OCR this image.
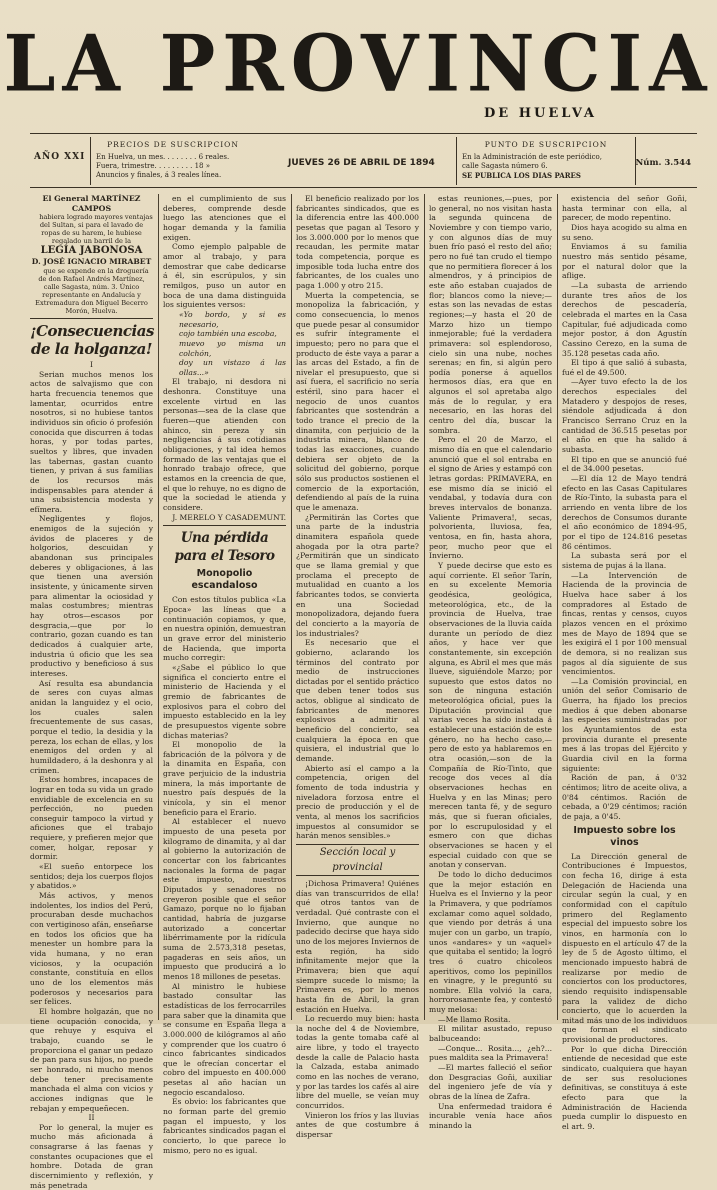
LA PROVINCIA
DE HUELVA
AÑO XXI
PRECIOS DE SUSCRIPCION
En Huelva, un mes. . . . . . . . 6 reales.
Fuera, trimestre. . . . . . . . . 18 »
Anuncios y finales, á 3 reales línea.
JUEVES 26 DE ABRIL DE 1894
PUNTO DE SUSCRIPCION
En la Administración de este periódico,
calle Sagasta número 6.
SE PUBLICA LOS DIAS PARES
Núm. 3.544

El General MARTÍNEZ CAMPOS

habiera logrado mayores ventajas del Sultan, si para el lavado de ropas de su harem, le hubiese regalado un barril de la

LEGÍA JABONOSA

D. JOSÉ IGNACIO MIRABET

que se expende en la droguería de don Rafael Andrés Martínez, calle Sagasta, núm. 3. Único representante en Andalucía y Extremadura don Miguel Becerro Morón, Huelva.

¡Consecuencias de la holganza!

I

Serian muchos menos los actos de salvajismo que con harta frecuencia tenemos que lamentar, ocurridos entre nosotros, si no hubiese tantos individuos sin oficio ó profesión conocida que discurren á todas horas, y por todas partes, sueltos y libres, que invaden las tabernas, gastan cuanto tienen, y privan á sus familias de los recursos más indispensables para atender á una subsistencia modesta y efímera.

Negligentes y flojos, enemigos de la sujeción y ávidos de placeres y de holgorios, descuidan y abandonan sus principales deberes y obligaciones, á las que tienen una aversión insistente, y únicamente sirven para alimentar la ociosidad y malas costumbres; mientras hay otros—escasos por desgracia,—que por lo contrario, gozan cuando es tan dedicados á cualquier arte, industria ú oficio que les sea productivo y beneficioso á sus intereses.

Así resulta esa abundancia de seres con cuyas almas anidan la languidez y el ocio, los cuales salen frecuentemente de sus casas, porque el tedio, la desidia y la pereza, los echan de ellas, y los enemigos del orden y al humildadero, á la deshonra y al crimen.

Estos hombres, incapaces de lograr en toda su vida un grado envidiable de excelencia en su perfección, no pueden conseguir tampoco la virtud y aficiones que el trabajo requiere, y prefieren mejor que comer, holgar, reposar y dormir.

«El sueño entorpece los sentidos; deja los cuerpos flojos y abatidos.»

Más activos, y menos indolentes, los indios del Perú, procuraban desde muchachos con vertiginoso afán, enseñarse en todos los oficios que ha menester un hombre para la vida humana, y no eran viciosos, y la ocupación constante, constituía en ellos uno de los elementos más poderosos y necesarios para ser felices.

El hombre holgazán, que no tiene ocupación conocida, y que rehuye y esquiva el trabajo, cuando se le proporciona el ganar un pedazo de pan para sus hijos, no puede ser honrado, ni mucho menos debe tener precisamente manchada el alma con vicios y acciones indignas que le rebajan y empequeñecen.

II

Por lo general, la mujer es mucho más aficionada á consagrarse á las faenas y constantes ocupaciones que el hombre. Dotada de gran discernimiento y reflexión, y más penetrada

en el cumplimiento de sus deberes, comprende desde luego las atenciones que el hogar demanda y la familia exigen.

Como ejemplo palpable de amor al trabajo, y para demostrar que cabe dedicarse á él, sin escrúpulos, y sin remilgos, puso un autor en boca de una dama distinguida los siguientes versos:

«Yo bordo, y si es necesario,

cojo también una escoba,

muevo yo misma un colchón,

doy un vistazo á las ollas...»

El trabajo, ni desdora ni deshonra. Constituye una excelente virtud en las personas—sea de la clase que fueren—que atienden con ahinco, sin pereza y sin negligencias á sus cotidianas obligaciones, y tal idea hemos formado de las ventajas que el honrado trabajo ofrece, que estamos en la creencia de que, el que lo rehuye, no es digno de que la sociedad le atienda y considere.

J. MERELO Y CASADEMUNT.

Una pérdida para el Tesoro
Monopolio escandaloso

Con estos títulos publica «La Epoca» las líneas que a continuación copiamos, y que, en nuestra opinión, demuestran un grave error del ministerio de Hacienda, que importa mucho corregir:

«¿Sabe el público lo que significa el concierto entre el ministerio de Hacienda y el gremio de fabricantes de explosivos para el cobro del impuesto establecido en la ley de presupuestos vigente sobre dichas materias?

El monopolio de la fabricación de la pólvora y de la dinamita en España, con grave perjuicio de la industria minera, la más importante de nuestro país después de la vinícola, y sin el menor beneficio para el Erario.

Al establecer el nuevo impuesto de una peseta por kilogramo de dinamita, y al dar al gobierno la autorización de concertar con los fabricantes nacionales la forma de pagar este impuesto, nuestros Diputados y senadores no creyeron posible que el señor Gamazo, porque no lo fijaban cantidad, habría de juzgarse autorizado a concertar libérrimamente por la ridícula suma de 2.573,318 pesetas, pagaderas en seis años, un impuesto que producirá a lo menos 18 millones de pesetas.

Al ministro le hubiese bastado consultar las estadísticas de los ferrocarriles para saber que la dinamita que se consume en España llega a 3.000.000 de kilógramos al año y comprender que los cuatro ó cinco fabricantes sindicados que le ofrecían concertar el cobro del impuesto en 400.000 pesetas al año hacían un negocio escandaloso.

Es obvio: los fabricantes que no forman parte del gremio pagan el impuesto, y los fabricantes sindicados pagan el concierto, lo que parece lo mismo, pero no es igual.

El beneficio realizado por los fabricantes sindicados, que es la diferencia entre las 400.000 pesetas que pagan al Tesoro y los 3.000.000 por lo menos que recaudan, les permite matar toda competencia, porque es imposible toda lucha entre dos fabricantes, de los cuales uno paga 1.000 y otro 215.

Muerta la competencia, se monopoliza la fabricación, y como consecuencia, lo menos que puede pesar al consumidor es sufrir íntegramente el impuesto; pero no para que el producto de éste vaya a parar a las arcas del Estado, a fin de nivelar el presupuesto, que si así fuera, el sacrificio no sería estéril, sino para hacer el negocio de unos cuantos fabricantes que sostendrán a todo trance el precio de la dinamita, con perjuicio de la industria minera, blanco de todas las exacciones, cuando debiera ser objeto de la solicitud del gobierno, porque sólo sus productos sostienen el comercio de la exportación, defendiendo al país de la ruina que le amenaza.

¿Permitirán las Cortes que una parte de la industria dinamitera española quede ahogada por la otra parte? ¿Permitirán que un sindicato que se llama gremial y que proclama el precepto de mutualidad en cuanto a los fabricantes todos, se convierta en una Sociedad monopolizadora, dejando fuera del concierto a la mayoría de los industriales?

Es necesario que el gobierno, aclarando los términos del contrato por medio de instrucciones dictadas por el sentido práctico que deben tener todos sus actos, obligue al sindicato de fabricantes de menores explosivos a admitir al beneficio del concierto, sea cualquiera la época en que quisiera, el industrial que lo demande.

Abierto así el campo a la competencia, origen del fomento de toda industria y niveladora forzosa entre el precio de producción y el de venta, al menos los sacrificios impuestos al consumidor se harán menos sensibles.»

Sección local y provincial

¡Dichosa Primavera! Quiénes días van transcurridos de ella! qué otros tantos van de verdadal. Qué contraste con el Invierno, que aunque no padecido decirse que haya sido uno de los mejores Inviernos de esta región, ha sido infinitamente mejor que la Primavera; bien que aquí siempre sucede lo mismo; la Primavera es, por lo menos hasta fin de Abril, la gran estación en Huelva.

Lo recuerdo muy bien: hasta la noche del 4 de Noviembre, todas la gente tomaba café al aire libre, y todo el trayecto desde la calle de Palacio hasta la Calzada, estaba animado como en las noches de verano, y por las tardes los cafés al aire libre del muelle, se veían muy concurridos.

Vinieron los fríos y las lluvias antes de que costumbre á dispersar

estas reuniones,—pues, por lo general, no nos visitan hasta la segunda quincena de Noviembre y con tiempo vario, y con algunos días de muy buen frío pasó el resto del año; pero no fué tan crudo el tiempo que no permitiera florecer á los almendros, y á principios de este año estaban cuajados de flor; blancos como la nieve;—estas son las nevadas de estas regiones;—y hasta el 20 de Marzo hizo un tiempo inmejorable; fué la verdadera primavera: sol esplendoroso, cielo sin una nube, noches serenas; en fin, si algún pero podía ponerse á aquellos hermosos días, era que en algunos el sol apretaba algo más de lo regular, y era necesario, en las horas del centro del día, buscar la sombra.

Pero el 20 de Marzo, el mismo día en que el calendario anunció que el sol entraba en el signo de Aries y estampó con letras gordas: PRIMAVERA, en ese mismo día se inició el vendabal, y todavía dura con breves intervalos de bonanza. Valiente Primavera!, secas, polvorienta, lluviosa, fea, ventosa, en fin, hasta ahora, peor, mucho peor que el Invierno.

Y puede decirse que esto es aquí corriente. El señor Tarín, en su excelente Memoria geodésica, geológica, meteorológica, etc., de la provincia de Huelva, trae observaciones de la lluvia caída durante un período de diez años, y hace ver que constantemente, sin excepción alguna, es Abril el mes que más llueve, siguiéndole Marzo; por supuesto que estos datos no son de ninguna estación meteorológica oficial, pues la Diputación provincial que varias veces ha sido instada á establecer una estación de este género, no ha hecho caso,—pero de esto ya hablaremos en otra ocasión,—son de la Compañía de Río-Tinto, que recoge dos veces al día observaciones hechas en Huelva y en las Minas; pero merecen tanta fé, y de seguro más, que si fueran oficiales, por lo escrupulosidad y el esmero con que dichas observaciones se hacen y el especial cuidado con que se anotan y conservan.

De todo lo dicho deducimos que la mejor estación en Huelva es el Invierno y la peor la Primavera, y que podríamos exclamar como aquel soldado, que viendo por detrás á una mujer con un garbo, un trapío, unos «andares» y un «aquel» que quitaba el sentido; la logró tres ó cuatro chicoleos aperitivos, como los pepinillos en vinagre, y le preguntó su nombre. Ella volvió la cara, horrorosamente fea, y contestó muy melosa:

—Me llamo Rosita.

El militar asustado, repuso balbuceando:

—Conque... Rosita..., ¿eh?... pues maldita sea la Primavera!

—El martes falleció el señor don Desgracias Goñi, auxiliar del ingeniero jefe de vía y obras de la línea de Zafra.

Una enfermedad traidora é incurable venía hace años minando la

existencia del señor Goñi, hasta terminar con ella, al parecer, de modo repentino.

Dios haya acogido su alma en su seno.

Enviamos á su familia nuestro más sentido pésame, por el natural dolor que la aflige.

—La subasta de arriendo durante tres años de los derechos de pescadería, celebrada el martes en la Casa Capitular, fué adjudicada como mejor postor, á don Agustín Cassino Cerezo, en la suma de 35.128 pesetas cada año.

El tipo á que salió á subasta, fué el de 49.500.

—Ayer tuvo efecto la de los derechos especiales del Matadero y despojos de reses, siéndole adjudicada á don Francisco Serrano Cruz en la cantidad de 36.515 pesetas por el año en que ha salido á subasta.

El tipo en que se anunció fué el de 34.000 pesetas.

—El día 12 de Mayo tendrá efecto en las Casas Capitulares de Río-Tinto, la subasta para el arriendo en venta libre de los derechos de Consumos durante el año económico de 1894-95, por el tipo de 124.816 pesetas 86 céntimos.

La subasta será por el sistema de pujas á la llana.

—La Intervención de Hacienda de la provincia de Huelva hace saber á los compradores al Estado de fincas, rentas y censos, cuyos plazos vencen en el próximo mes de Mayo de 1894 que se les exigirá el 1 por 100 mensual de demora, si no realizan sus pagos al día siguiente de sus vencimientos.

—La Comisión provincial, en unión del señor Comisario de Guerra, ha fijado los precios medios á que deben abonarse las especies suministradas por los Ayuntamientos de esta provincia durante el presente mes á las tropas del Ejército y Guardia civil en la forma siguiente:

Ración de pan, á 0'32 céntimos; litro de aceite oliva, a 0'84 céntimos. Ración de cebada, a 0'29 céntimos; ración de paja, a 0'45.

Impuesto sobre los vinos

La Dirección general de Contribuciones é Impuestos, con fecha 16, dirige á esta Delegación de Hacienda una circular según la cual, y en conformidad con el capítulo primero del Reglamento especial del impuesto sobre los vinos, en harmonía con lo dispuesto en el artículo 47 de la ley de 5 de Agosto último, el mencionado impuesto habrá de realizarse por medio de conciertos con los productores, siendo requisito indispensable para la validez de dicho concierto, que lo acuerden la mitad más uno de los individuos que forman el sindicato provisional de productores.

Por lo que dicha Dirección entiende de necesidad que este sindicato, cualquiera que hayan de ser sus resoluciones definitivas, se constituya á este efecto para que la Administración de Hacienda pueda cumplir lo dispuesto en el art. 9.
